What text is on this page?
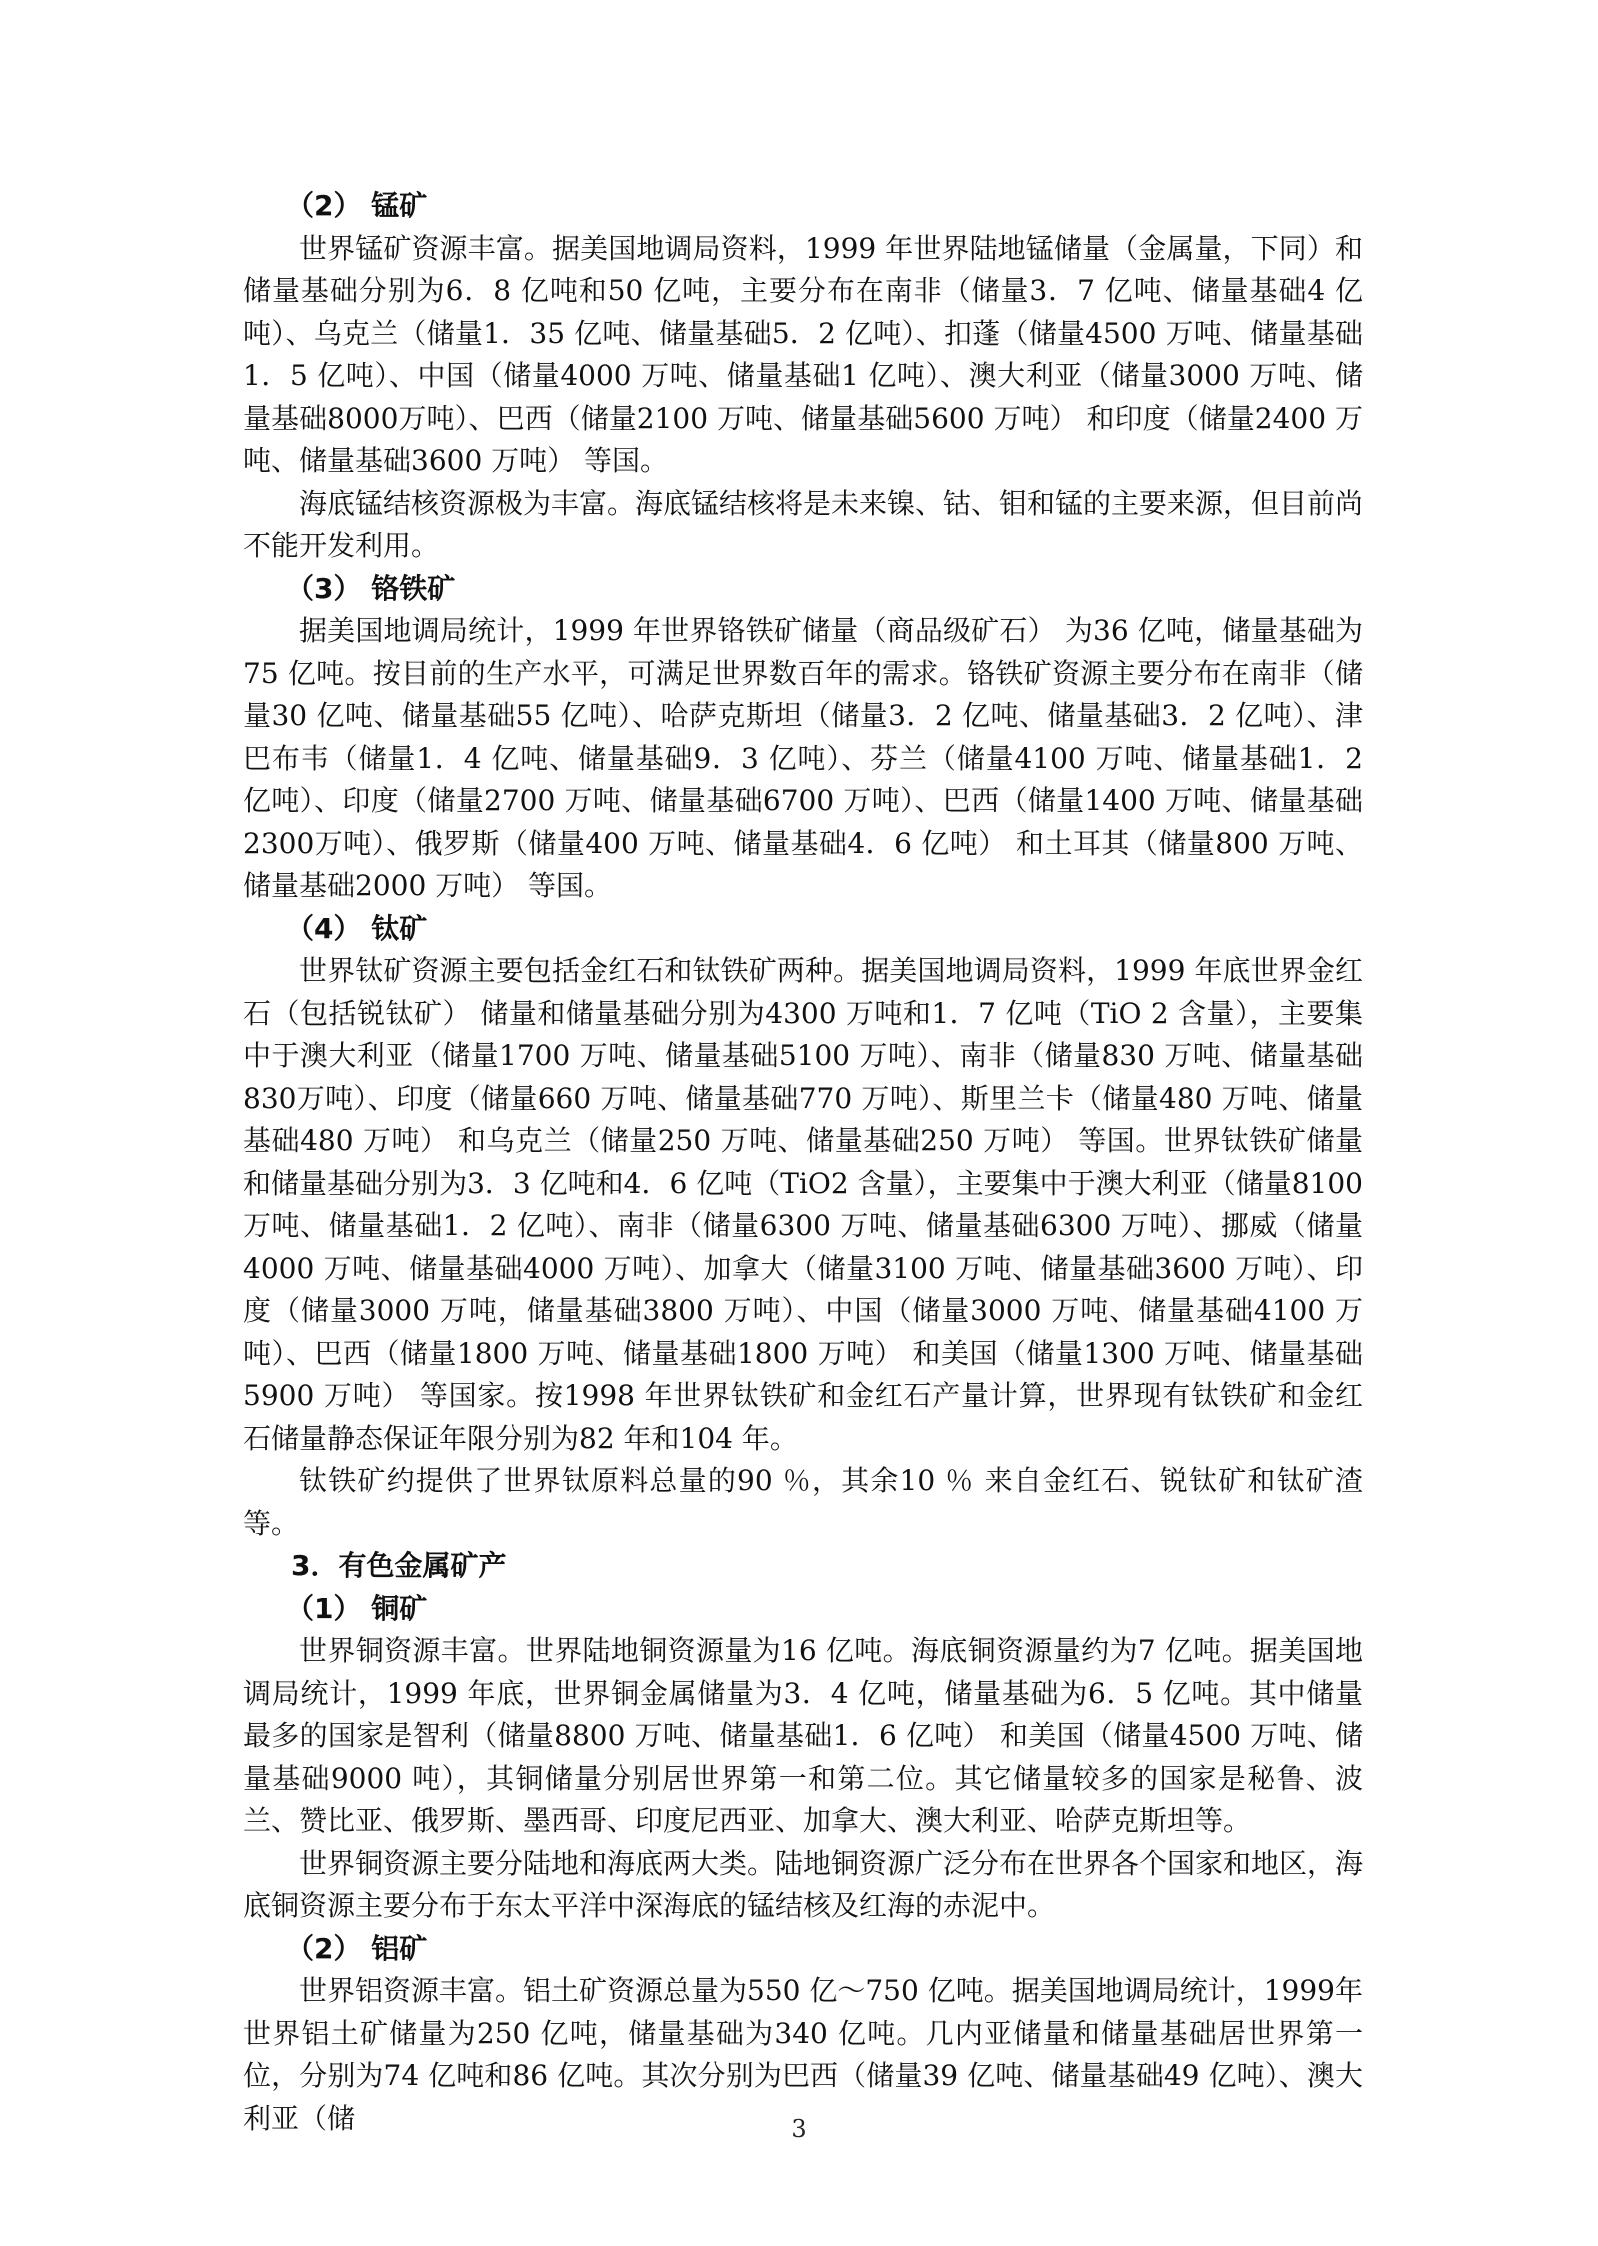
（2） 锰矿

世界锰矿资源丰富。据美国地调局资料，1999 年世界陆地锰储量（金属量，下同）和储量基础分别为6．8 亿吨和50 亿吨，主要分布在南非（储量3．7 亿吨、储量基础4 亿吨）、乌克兰（储量1．35 亿吨、储量基础5．2 亿吨）、扣蓬（储量4500 万吨、储量基础1．5 亿吨）、中国（储量4000 万吨、储量基础1 亿吨）、澳大利亚（储量3000 万吨、储量基础8000万吨）、巴西（储量2100 万吨、储量基础5600 万吨） 和印度（储量2400 万吨、储量基础3600 万吨） 等国。

海底锰结核资源极为丰富。海底锰结核将是未来镍、钴、钼和锰的主要来源，但目前尚不能开发利用。

（3） 铬铁矿

据美国地调局统计，1999 年世界铬铁矿储量（商品级矿石） 为36 亿吨，储量基础为75 亿吨。按目前的生产水平，可满足世界数百年的需求。铬铁矿资源主要分布在南非（储量30 亿吨、储量基础55 亿吨）、哈萨克斯坦（储量3．2 亿吨、储量基础3．2 亿吨）、津巴布韦（储量1．4 亿吨、储量基础9．3 亿吨）、芬兰（储量4100 万吨、储量基础1．2 亿吨）、印度（储量2700 万吨、储量基础6700 万吨）、巴西（储量1400 万吨、储量基础2300万吨）、俄罗斯（储量400 万吨、储量基础4．6 亿吨） 和土耳其（储量800 万吨、储量基础2000 万吨） 等国。

（4） 钛矿

世界钛矿资源主要包括金红石和钛铁矿两种。据美国地调局资料，1999 年底世界金红石（包括锐钛矿） 储量和储量基础分别为4300 万吨和1．7 亿吨（TiO 2 含量），主要集中于澳大利亚（储量1700 万吨、储量基础5100 万吨）、南非（储量830 万吨、储量基础830万吨）、印度（储量660 万吨、储量基础770 万吨）、斯里兰卡（储量480 万吨、储量基础480 万吨） 和乌克兰（储量250 万吨、储量基础250 万吨） 等国。世界钛铁矿储量和储量基础分别为3．3 亿吨和4．6 亿吨（TiO2 含量），主要集中于澳大利亚（储量8100 万吨、储量基础1．2 亿吨）、南非（储量6300 万吨、储量基础6300 万吨）、挪威（储量4000 万吨、储量基础4000 万吨）、加拿大（储量3100 万吨、储量基础3600 万吨）、印度（储量3000 万吨，储量基础3800 万吨）、中国（储量3000 万吨、储量基础4100 万吨）、巴西（储量1800 万吨、储量基础1800 万吨） 和美国（储量1300 万吨、储量基础5900 万吨） 等国家。按1998 年世界钛铁矿和金红石产量计算，世界现有钛铁矿和金红石储量静态保证年限分别为82 年和104 年。

钛铁矿约提供了世界钛原料总量的90 ％，其余10 ％ 来自金红石、锐钛矿和钛矿渣等。

3．有色金属矿产
（1） 铜矿

世界铜资源丰富。世界陆地铜资源量为16 亿吨。海底铜资源量约为7 亿吨。据美国地调局统计，1999 年底，世界铜金属储量为3．4 亿吨，储量基础为6．5 亿吨。其中储量最多的国家是智利（储量8800 万吨、储量基础1．6 亿吨） 和美国（储量4500 万吨、储量基础9000 吨），其铜储量分别居世界第一和第二位。其它储量较多的国家是秘鲁、波兰、赞比亚、俄罗斯、墨西哥、印度尼西亚、加拿大、澳大利亚、哈萨克斯坦等。

世界铜资源主要分陆地和海底两大类。陆地铜资源广泛分布在世界各个国家和地区，海底铜资源主要分布于东太平洋中深海底的锰结核及红海的赤泥中。

（2） 铝矿

世界铝资源丰富。铝土矿资源总量为550 亿～750 亿吨。据美国地调局统计，1999年世界铝土矿储量为250 亿吨，储量基础为340 亿吨。几内亚储量和储量基础居世界第一位，分别为74 亿吨和86 亿吨。其次分别为巴西（储量39 亿吨、储量基础49 亿吨）、澳大利亚（储	3
